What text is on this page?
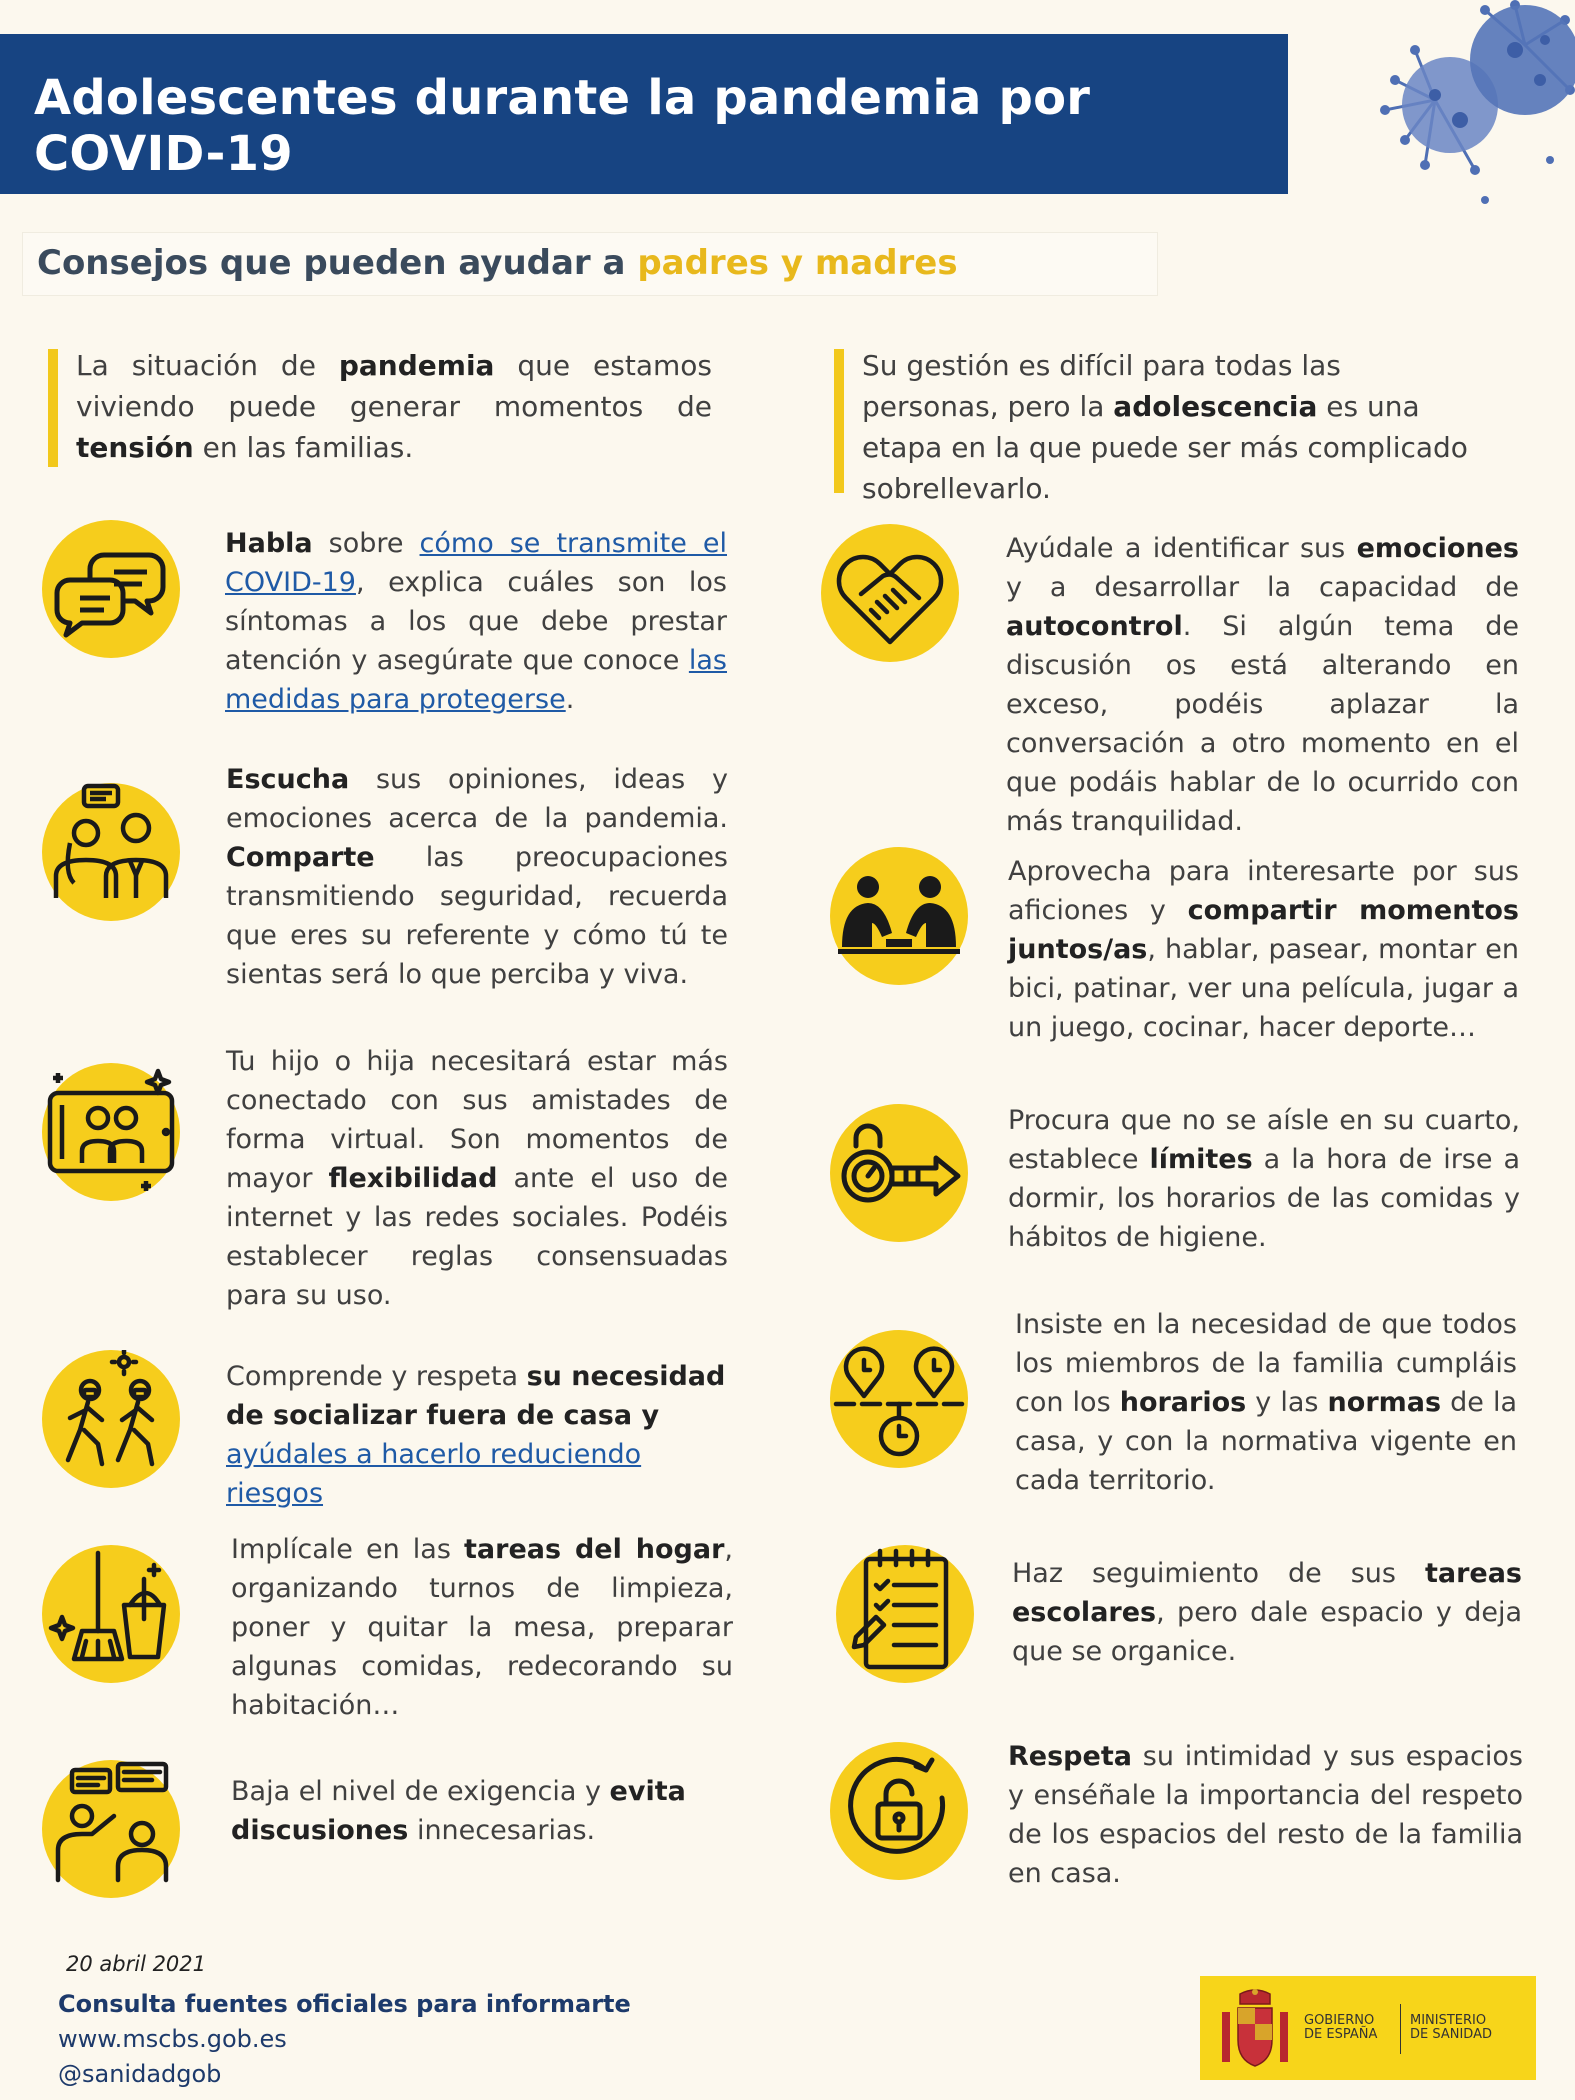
Adolescentes durante la pandemia por COVID-19

Consejos que pueden ayudar a padres y madres

La situación de pandemia que estamos viviendo puede generar momentos de tensión en las familias.
Su gestión es difícil para todas las personas, pero la adolescencia es una etapa en la que puede ser más complicado sobrellevarlo.
Habla sobre cómo se transmite el COVID-19, explica cuáles son los síntomas a los que debe prestar atención y asegúrate que conoce las medidas para protegerse.
Escucha sus opiniones, ideas y emociones acerca de la pandemia. Comparte las preocupaciones transmitiendo seguridad, recuerda que eres su referente y cómo tú te sientas será lo que perciba y viva.
Tu hijo o hija necesitará estar más conectado con sus amistades de forma virtual. Son momentos de mayor flexibilidad ante el uso de internet y las redes sociales. Podéis establecer reglas consensuadas para su uso.
Comprende y respeta su necesidad de socializar fuera de casa y ayúdales a hacerlo reduciendo riesgos
Implícale en las tareas del hogar, organizando turnos de limpieza, poner y quitar la mesa, preparar algunas comidas, redecorando su habitación…
Baja el nivel de exigencia y evita discusiones innecesarias.
Ayúdale a identificar sus emociones y a desarrollar la capacidad de autocontrol. Si algún tema de discusión os está alterando en exceso, podéis aplazar la conversación a otro momento en el que podáis hablar de lo ocurrido con más tranquilidad.
Aprovecha para interesarte por sus aficiones y compartir momentos juntos/as, hablar, pasear, montar en bici, patinar, ver una película, jugar a un juego, cocinar, hacer deporte…
Procura que no se aísle en su cuarto, establece límites a la hora de irse a dormir, los horarios de las comidas y hábitos de higiene.
Insiste en la necesidad de que todos los miembros de la familia cumpláis con los horarios y las normas de la casa, y con la normativa vigente en cada territorio.
Haz seguimiento de sus tareas escolares, pero dale espacio y deja que se organice.
Respeta su intimidad y sus espacios y enséñale la importancia del respeto de los espacios del resto de la familia en casa.
20 abril 2021
Consulta fuentes oficiales para informarte
www.mscbs.gob.es
@sanidadgob
GOBIERNO
DE ESPAÑA
MINISTERIO
DE SANIDAD
